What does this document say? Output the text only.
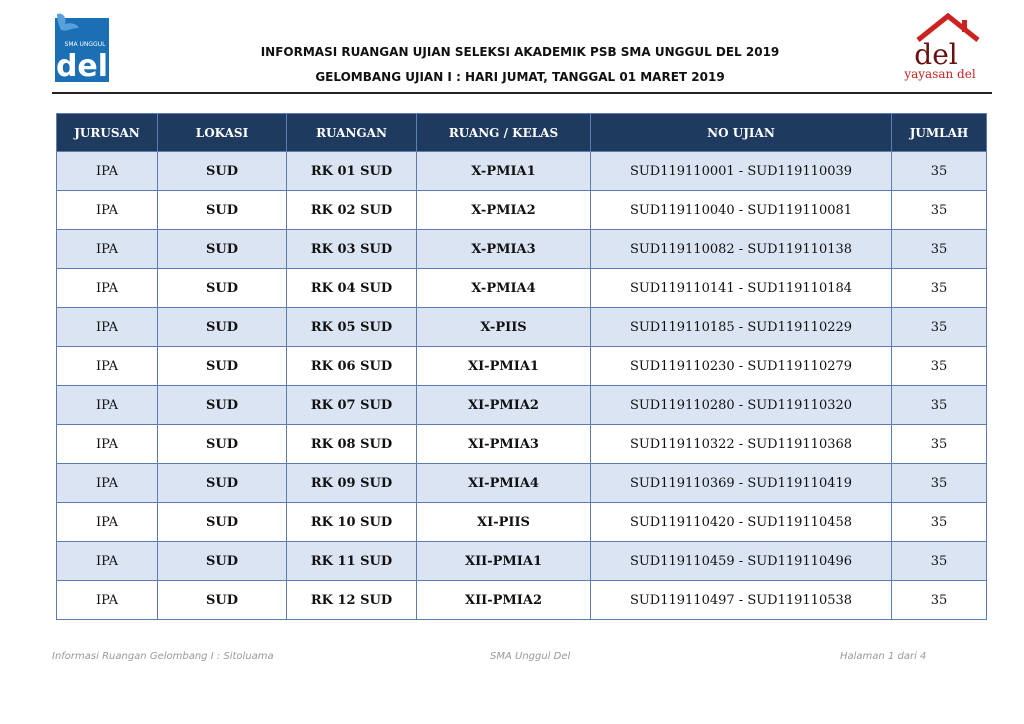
SMA UNGGUL
del	del
yayasan del
INFORMASI RUANGAN UJIAN SELEKSI AKADEMIK PSB SMA UNGGUL DEL 2019
GELOMBANG UJIAN I : HARI JUMAT, TANGGAL 01 MARET 2019
JURUSAN	LOKASI	RUANGAN	RUANG / KELAS	NO UJIAN	JUMLAH
IPA	SUD	RK 01 SUD	X-PMIA1	SUD119110001 - SUD119110039	35
IPA	SUD	RK 02 SUD	X-PMIA2	SUD119110040 - SUD119110081	35
IPA	SUD	RK 03 SUD	X-PMIA3	SUD119110082 - SUD119110138	35
IPA	SUD	RK 04 SUD	X-PMIA4	SUD119110141 - SUD119110184	35
IPA	SUD	RK 05 SUD	X-PIIS	SUD119110185 - SUD119110229	35
IPA	SUD	RK 06 SUD	XI-PMIA1	SUD119110230 - SUD119110279	35
IPA	SUD	RK 07 SUD	XI-PMIA2	SUD119110280 - SUD119110320	35
IPA	SUD	RK 08 SUD	XI-PMIA3	SUD119110322 - SUD119110368	35
IPA	SUD	RK 09 SUD	XI-PMIA4	SUD119110369 - SUD119110419	35
IPA	SUD	RK 10 SUD	XI-PIIS	SUD119110420 - SUD119110458	35
IPA	SUD	RK 11 SUD	XII-PMIA1	SUD119110459 - SUD119110496	35
IPA	SUD	RK 12 SUD	XII-PMIA2	SUD119110497 - SUD119110538	35
Informasi Ruangan Gelombang I : Sitoluama	SMA Unggul Del	Halaman 1 dari 4
